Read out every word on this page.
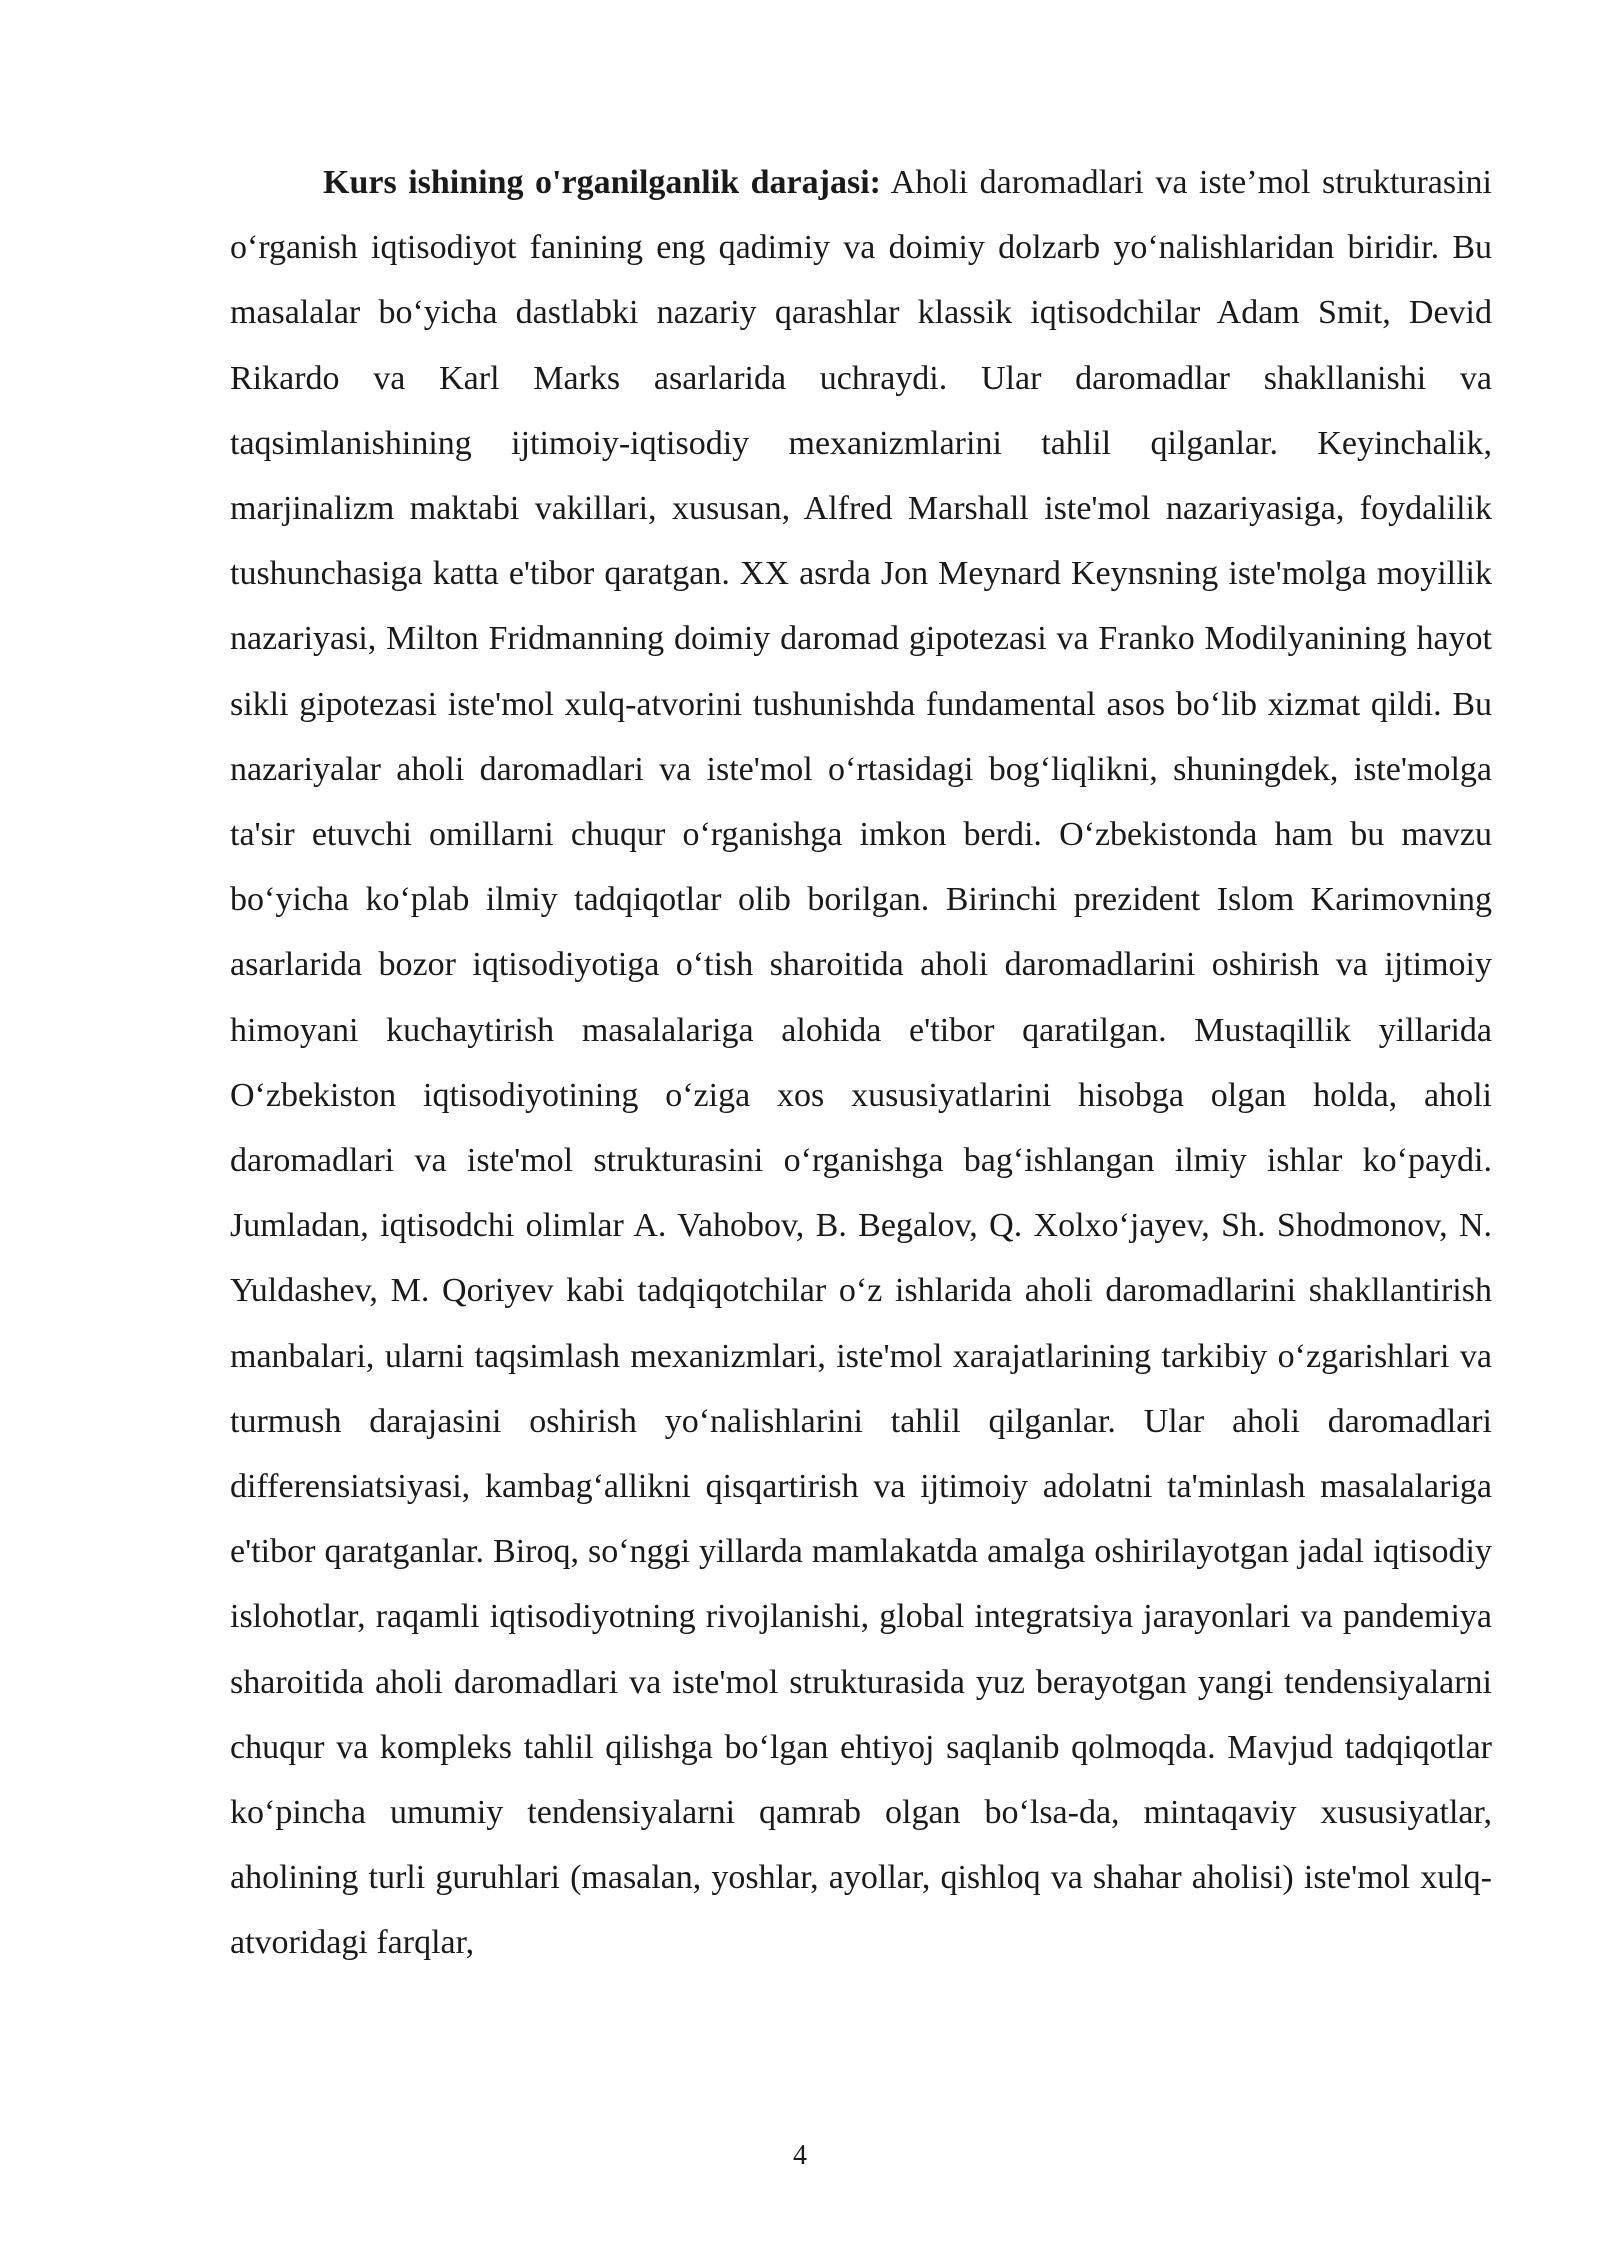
Kurs ishining o'rganilganlik darajasi: Aholi daromadlari va iste’mol strukturasini o‘rganish iqtisodiyot fanining eng qadimiy va doimiy dolzarb yo‘nalishlaridan biridir. Bu masalalar bo‘yicha dastlabki nazariy qarashlar klassik iqtisodchilar Adam Smit, Devid Rikardo va Karl Marks asarlarida uchraydi. Ular daromadlar shakllanishi va taqsimlanishining ijtimoiy-iqtisodiy mexanizmlarini tahlil qilganlar. Keyinchalik, marjinalizm maktabi vakillari, xususan, Alfred Marshall iste'mol nazariyasiga, foydalilik tushunchasiga katta e'tibor qaratgan. XX asrda Jon Meynard Keynsning iste'molga moyillik nazariyasi, Milton Fridmanning doimiy daromad gipotezasi va Franko Modilyanining hayot sikli gipotezasi iste'mol xulq-atvorini tushunishda fundamental asos bo‘lib xizmat qildi. Bu nazariyalar aholi daromadlari va iste'mol o‘rtasidagi bog‘liqlikni, shuningdek, iste'molga ta'sir etuvchi omillarni chuqur o‘rganishga imkon berdi. O‘zbekistonda ham bu mavzu bo‘yicha ko‘plab ilmiy tadqiqotlar olib borilgan. Birinchi prezident Islom Karimovning asarlarida bozor iqtisodiyotiga o‘tish sharoitida aholi daromadlarini oshirish va ijtimoiy himoyani kuchaytirish masalalariga alohida e'tibor qaratilgan. Mustaqillik yillarida O‘zbekiston iqtisodiyotining o‘ziga xos xususiyatlarini hisobga olgan holda, aholi daromadlari va iste'mol strukturasini o‘rganishga bag‘ishlangan ilmiy ishlar ko‘paydi. Jumladan, iqtisodchi olimlar A. Vahobov, B. Begalov, Q. Xolxo‘jayev, Sh. Shodmonov, N. Yuldashev, M. Qoriyev kabi tadqiqotchilar o‘z ishlarida aholi daromadlarini shakllantirish manbalari, ularni taqsimlash mexanizmlari, iste'mol xarajatlarining tarkibiy o‘zgarishlari va turmush darajasini oshirish yo‘nalishlarini tahlil qilganlar. Ular aholi daromadlari differensiatsiyasi, kambag‘allikni qisqartirish va ijtimoiy adolatni ta'minlash masalalariga e'tibor qaratganlar. Biroq, so‘nggi yillarda mamlakatda amalga oshirilayotgan jadal iqtisodiy islohotlar, raqamli iqtisodiyotning rivojlanishi, global integratsiya jarayonlari va pandemiya sharoitida aholi daromadlari va iste'mol strukturasida yuz berayotgan yangi tendensiyalarni chuqur va kompleks tahlil qilishga bo‘lgan ehtiyoj saqlanib qolmoqda. Mavjud tadqiqotlar ko‘pincha umumiy tendensiyalarni qamrab olgan bo‘lsa-da, mintaqaviy xususiyatlar, aholining turli guruhlari (masalan, yoshlar, ayollar, qishloq va shahar aholisi) iste'mol xulq-atvoridagi farqlar,

4
